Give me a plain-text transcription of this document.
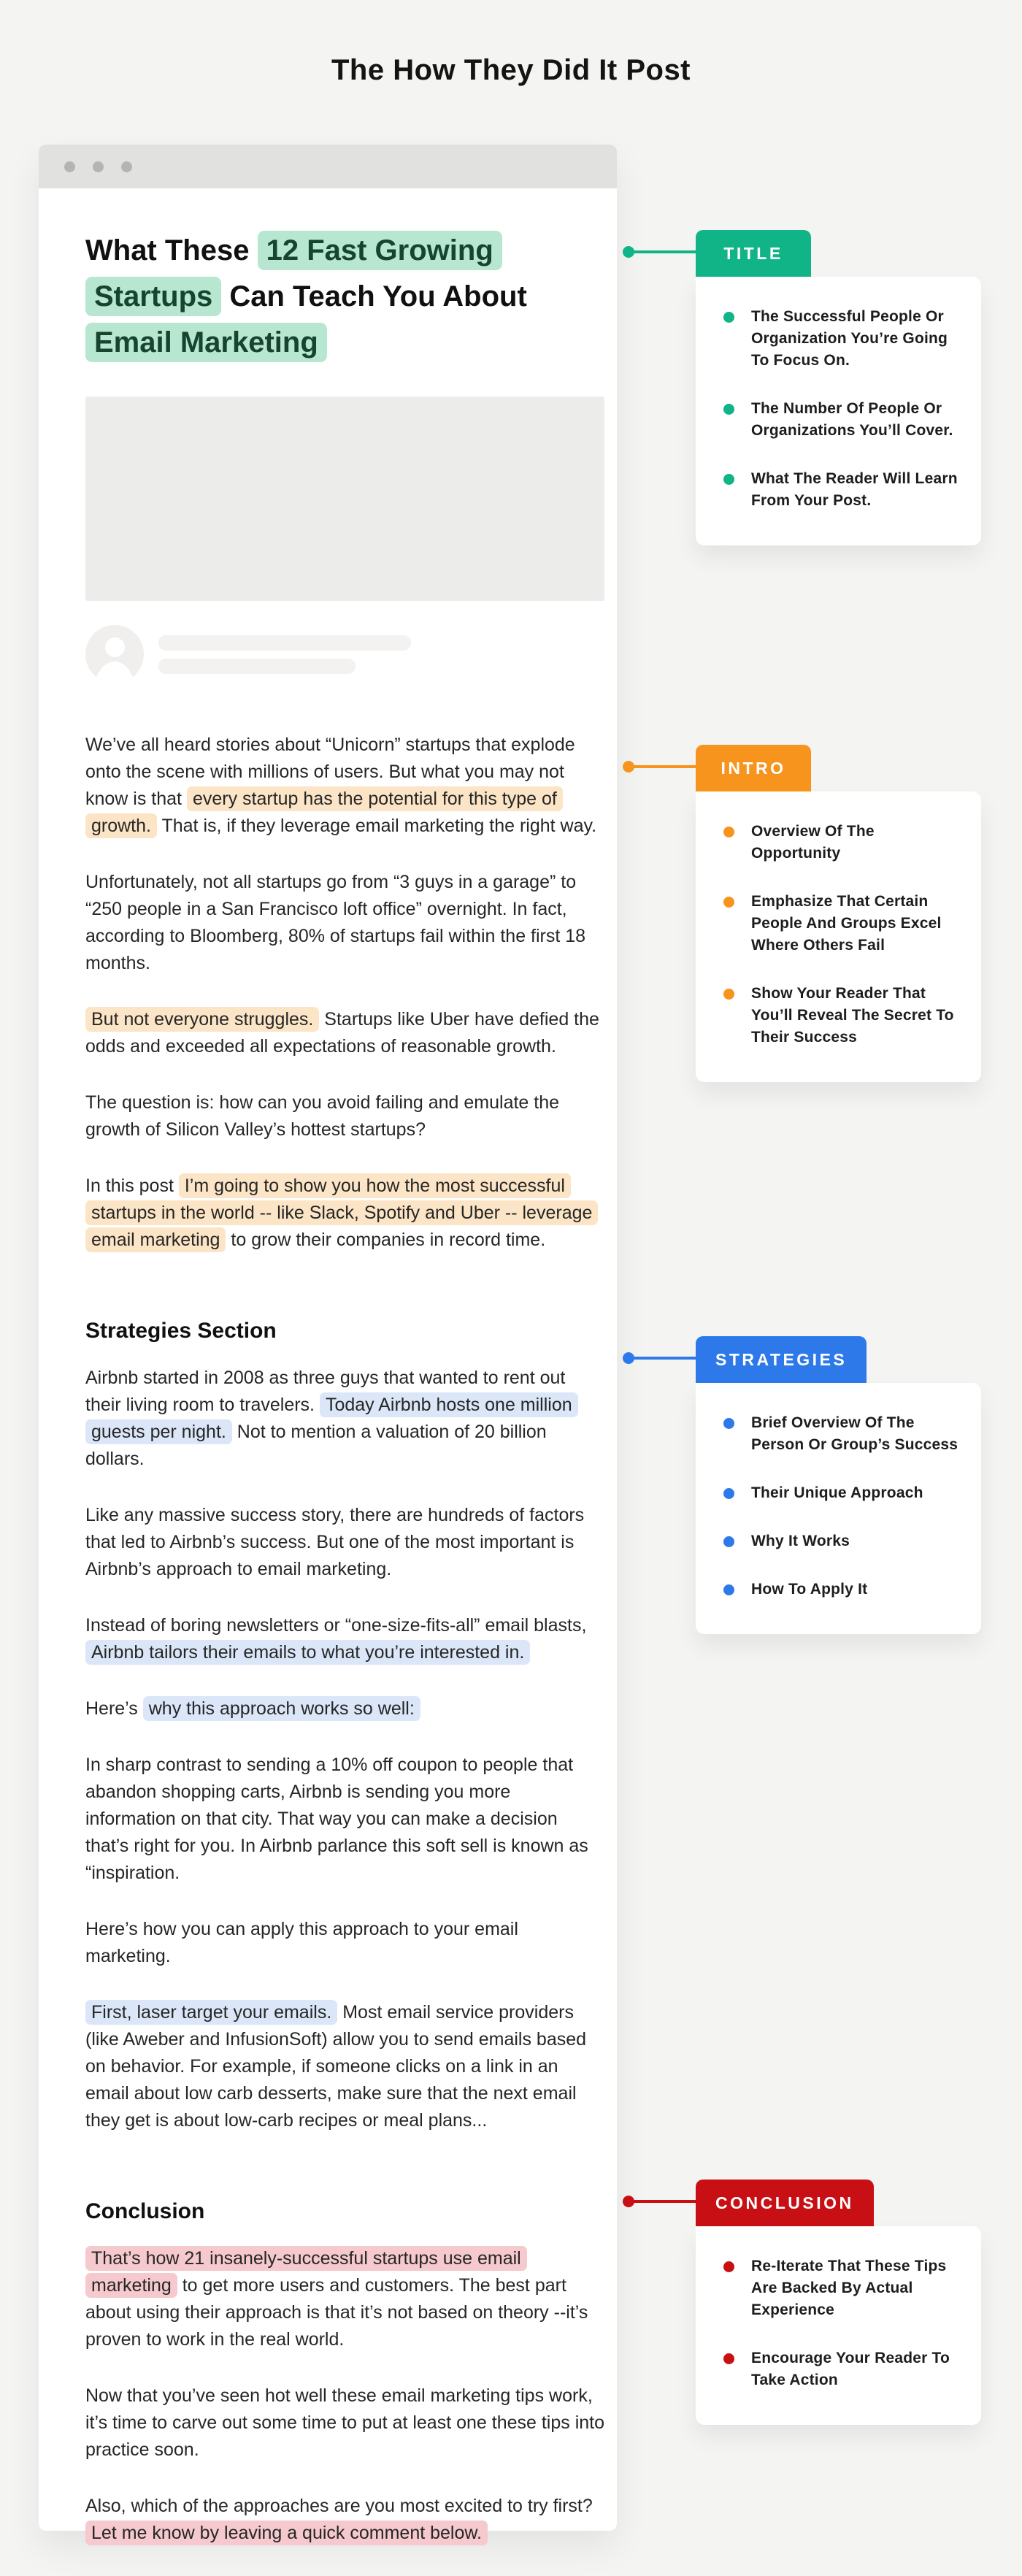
The How They Did It Post
What These 12 Fast Growing
Startups Can Teach You About
Email Marketing

We’ve all heard stories about “Unicorn” startups that explode onto the scene with millions of users. But what you may not know is that every startup has the potential for this type of growth. That is, if they leverage email marketing the right way.

Unfortunately, not all startups go from “3 guys in a garage” to “250 people in a San Francisco loft office” overnight. In fact, according to Bloomberg, 80% of startups fail within the first 18 months.

But not everyone struggles. Startups like Uber have defied the odds and exceeded all expectations of reasonable growth.

The question is: how can you avoid failing and emulate the growth of Silicon Valley’s hottest startups?

In this post I’m going to show you how the most successful startups in the world -- like Slack, Spotify and Uber -- leverage email marketing to grow their companies in record time.

Strategies Section

Airbnb started in 2008 as three guys that wanted to rent out their living room to travelers. Today Airbnb hosts one million guests per night. Not to mention a valuation of 20 billion dollars.

Like any massive success story, there are hundreds of factors that led to Airbnb’s success. But one of the most important is Airbnb’s approach to email marketing.

Instead of boring newsletters or “one-size-fits-all” email blasts, Airbnb tailors their emails to what you’re interested in.

Here’s why this approach works so well:

In sharp contrast to sending a 10% off coupon to people that abandon shopping carts, Airbnb is sending you more information on that city. That way you can make a decision that’s right for you. In Airbnb parlance this soft sell is known as “inspiration.

Here’s how you can apply this approach to your email marketing.

First, laser target your emails. Most email service providers (like Aweber and InfusionSoft) allow you to send emails based on behavior. For example, if someone clicks on a link in an email about low carb desserts, make sure that the next email they get is about low-carb recipes or meal plans...

Conclusion

That’s how 21 insanely-successful startups use email marketing to get more users and customers. The best part about using their approach is that it’s not based on theory --it’s proven to work in the real world.

Now that you’ve seen hot well these email marketing tips work, it’s time to carve out some time to put at least one these tips into practice soon.

Also, which of the approaches are you most excited to try first? Let me know by leaving a quick comment below.

TITLE
The Successful People Or Organization You’re Going To Focus On.
The Number Of People Or Organizations You’ll Cover.
What The Reader Will Learn From Your Post.
INTRO
Overview Of The Opportunity
Emphasize That Certain People And Groups Excel Where Others Fail
Show Your Reader That You’ll Reveal The Secret To Their Success
STRATEGIES
Brief Overview Of The Person Or Group’s Success
Their Unique Approach
Why It Works
How To Apply It
CONCLUSION
Re-Iterate That These Tips Are Backed By Actual Experience
Encourage Your Reader To Take Action
